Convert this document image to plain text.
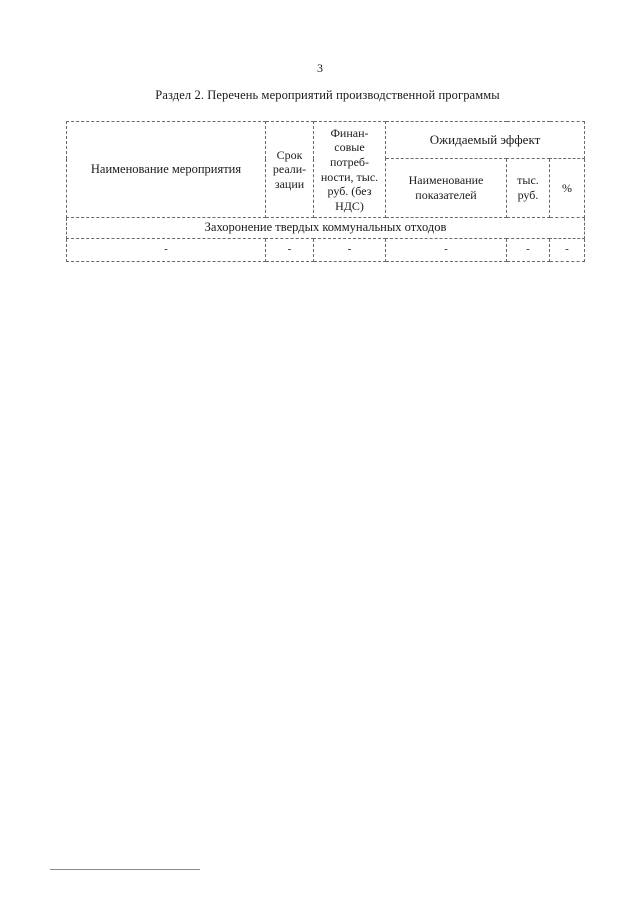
3
Раздел 2. Перечень мероприятий производственной программы
Наименование мероприятия	Срок реали-зации	Финан-совые потреб-ности, тыс. руб. (без НДС)	Ожидаемый эффект		
			Наименование показателей	тыс. руб.	%
Захоронение твердых коммунальных отходов					
-	-	-	-	-	-
